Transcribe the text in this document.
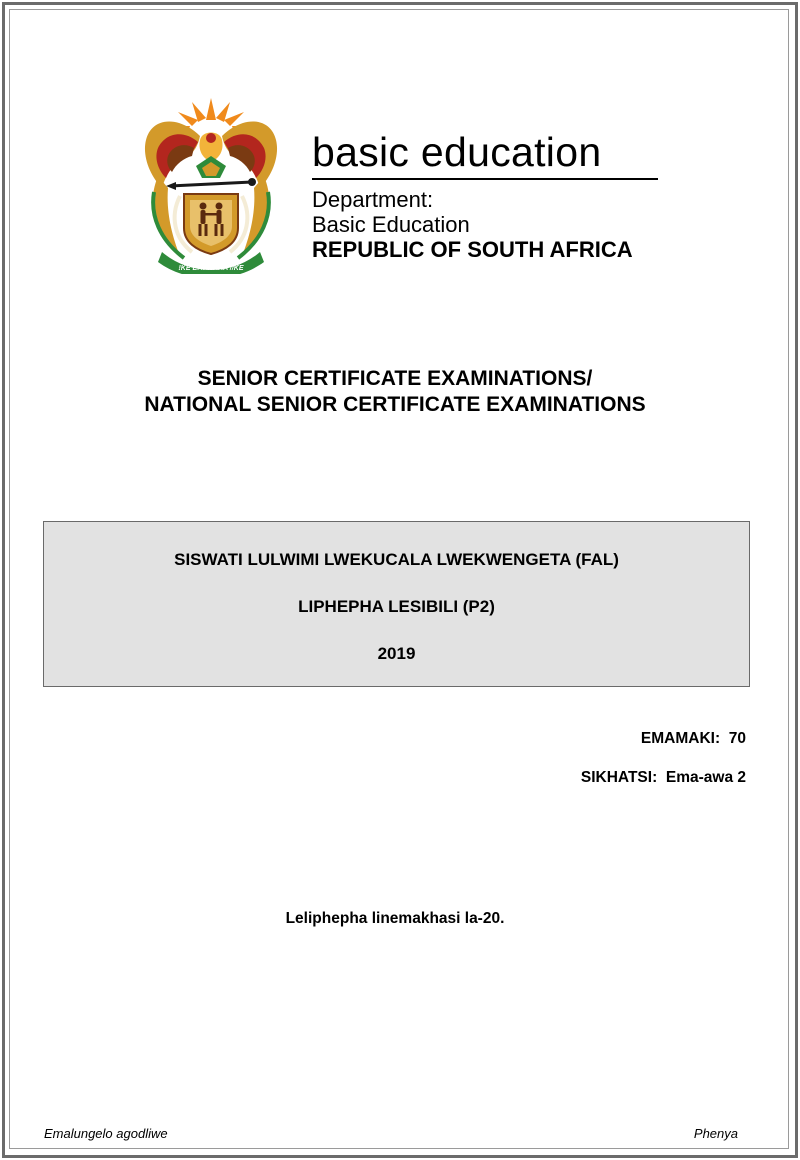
!KE E: /XARRA //KE
basic education
Department:
Basic Education
REPUBLIC OF SOUTH AFRICA
SENIOR CERTIFICATE EXAMINATIONS/
NATIONAL SENIOR CERTIFICATE EXAMINATIONS
SISWATI LULWIMI LWEKUCALA LWEKWENGETA (FAL)
LIPHEPHA LESIBILI (P2)
2019
EMAMAKI: 70
SIKHATSI: Ema-awa 2
Leliphepha linemakhasi la-20.
Emalungelo agodliwe	Phenya
